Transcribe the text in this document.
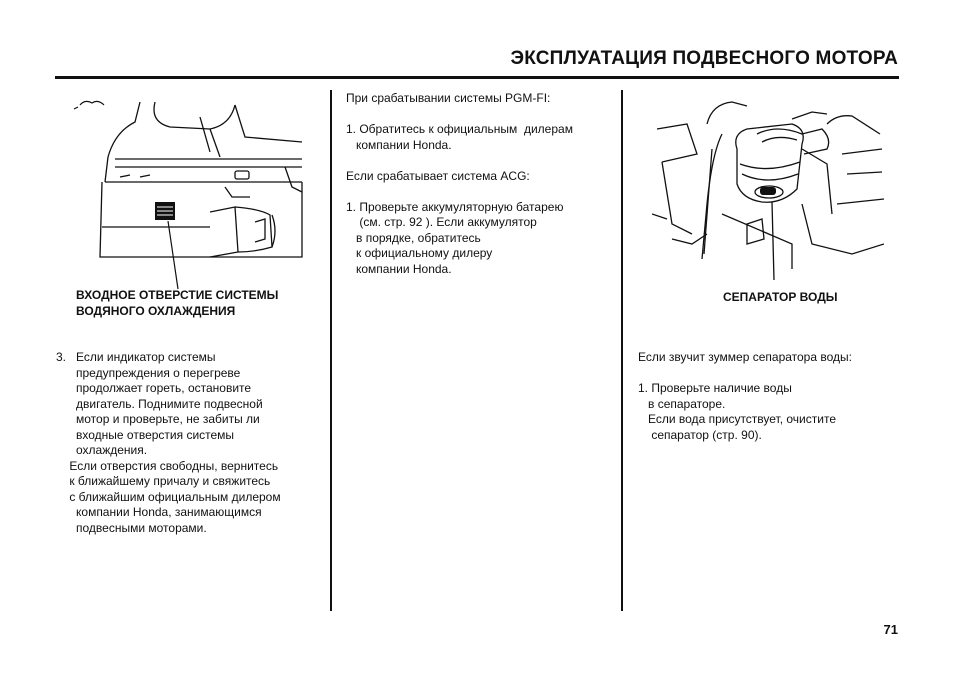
ЭКСПЛУАТАЦИЯ ПОДВЕСНОГО МОТОРА
ВХОДНОЕ ОТВЕРСТИЕ СИСТЕМЫ
ВОДЯНОГО ОХЛАЖДЕНИЯ
3.   Если индикатор системы
предупреждения о перегреве
продолжает гореть, остановите
двигатель. Поднимите подвесной
мотор и проверьте, не забиты ли
входные отверстия системы
охлаждения.
Если отверстия свободны, вернитесь
к ближайшему причалу и свяжитесь
с ближайшим официальным дилером
компании Honda, занимающимся
подвесными моторами.
При срабатывании системы PGM-FI:

1. Обратитесь к официальным  дилерам
компании Honda.

Если срабатывает система ACG:

1. Проверьте аккумуляторную батарею
(см. стр. 92 ). Если аккумулятор
в порядке, обратитесь
к официальному дилеру
компании Honda.
СЕПАРАТОР ВОДЫ
Если звучит зуммер сепаратора воды:

1. Проверьте наличие воды
в сепараторе.
Если вода присутствует, очистите
сепаратор (стр. 90).
71
